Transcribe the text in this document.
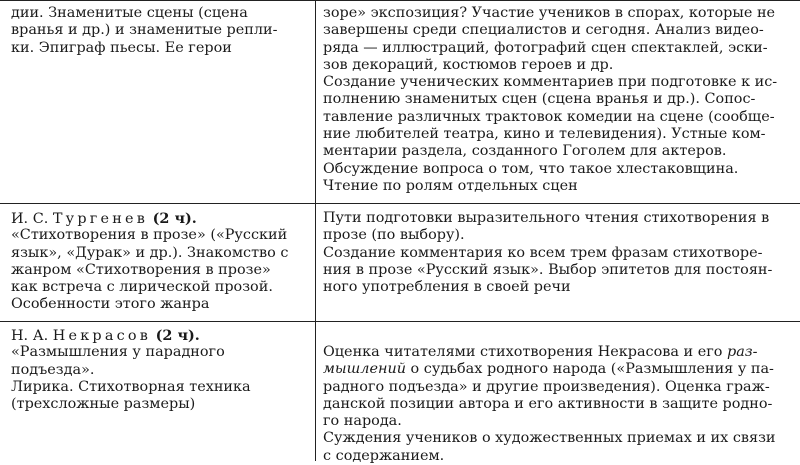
дии. Знаменитые сцены (сцена
вранья и др.) и знаменитые репли-
ки. Эпиграф пьесы. Ее герои
зоре» экспозиция? Участие учеников в спорах, которые не
завершены среди специалистов и сегодня. Анализ видео-
ряда — иллюстраций, фотографий сцен спектаклей, эски-
зов декораций, костюмов героев и др.
Создание ученических комментариев при подготовке к ис-
полнению знаменитых сцен (сцена вранья и др.). Сопос-
тавление различных трактовок комедии на сцене (сообще-
ние любителей театра, кино и телевидения). Устные ком-
ментарии раздела, созданного Гоголем для актеров.
Обсуждение вопроса о том, что такое хлестаковщина.
Чтение по ролям отдельных сцен
И. С. Тургенев (2 ч).
«Стихотворения в прозе» («Русский
язык», «Дурак» и др.). Знакомство с
жанром «Стихотворения в прозе»
как встреча с лирической прозой.
Особенности этого жанра
Пути подготовки выразительного чтения стихотворения в
прозе (по выбору).
Создание комментария ко всем трем фразам стихотворе-
ния в прозе «Русский язык». Выбор эпитетов для постоян-
ного употребления в своей речи
Н. А. Некрасов (2 ч).
«Размышления у парадного
подъезда».
Лирика. Стихотворная техника
(трехсложные размеры)
Оценка читателями стихотворения Некрасова и его раз-
мышлений о судьбах родного народа («Размышления у па-
радного подъезда» и другие произведения). Оценка граж-
данской позиции автора и его активности в защите родно-
го народа.
Суждения учеников о художественных приемах и их связи
с содержанием.
